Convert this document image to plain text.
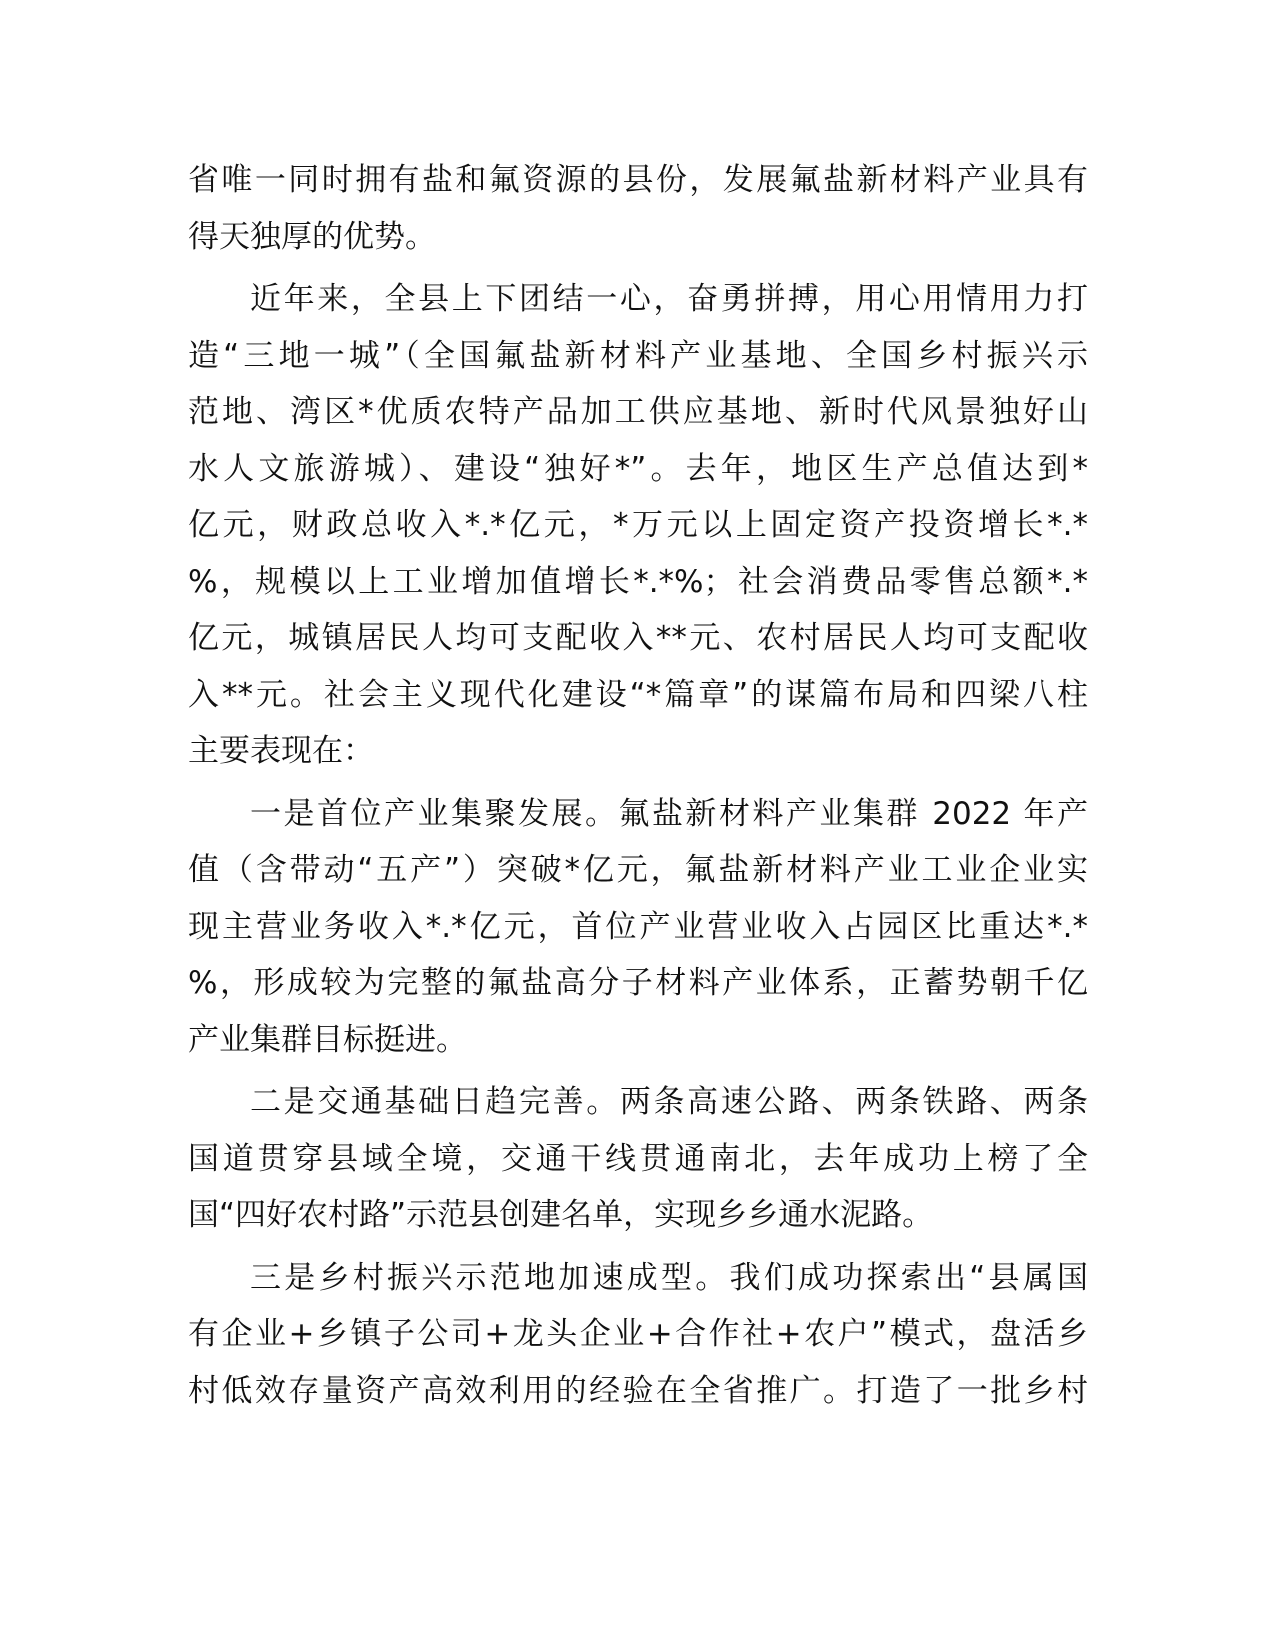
省唯一同时拥有盐和氟资源的县份，发展氟盐新材料产业具有
得天独厚的优势。
近年来，全县上下团结一心，奋勇拼搏，用心用情用力打
造“三地一城”（全国氟盐新材料产业基地、全国乡村振兴示
范地、湾区*优质农特产品加工供应基地、新时代风景独好山
水人文旅游城）、建设“独好*”。去年，地区生产总值达到*
亿元，财政总收入*.*亿元，*万元以上固定资产投资增长*.*
%，规模以上工业增加值增长*.*%；社会消费品零售总额*.*
亿元，城镇居民人均可支配收入**元、农村居民人均可支配收
入**元。社会主义现代化建设“*篇章”的谋篇布局和四梁八柱
主要表现在：
一是首位产业集聚发展。氟盐新材料产业集群 2022 年产
值（含带动“五产”）突破*亿元，氟盐新材料产业工业企业实
现主营业务收入*.*亿元，首位产业营业收入占园区比重达*.*
%，形成较为完整的氟盐高分子材料产业体系，正蓄势朝千亿
产业集群目标挺进。
二是交通基础日趋完善。两条高速公路、两条铁路、两条
国道贯穿县域全境，交通干线贯通南北，去年成功上榜了全
国“四好农村路”示范县创建名单，实现乡乡通水泥路。
三是乡村振兴示范地加速成型。我们成功探索出“县属国
有企业+乡镇子公司+龙头企业+合作社+农户”模式，盘活乡
村低效存量资产高效利用的经验在全省推广。打造了一批乡村
